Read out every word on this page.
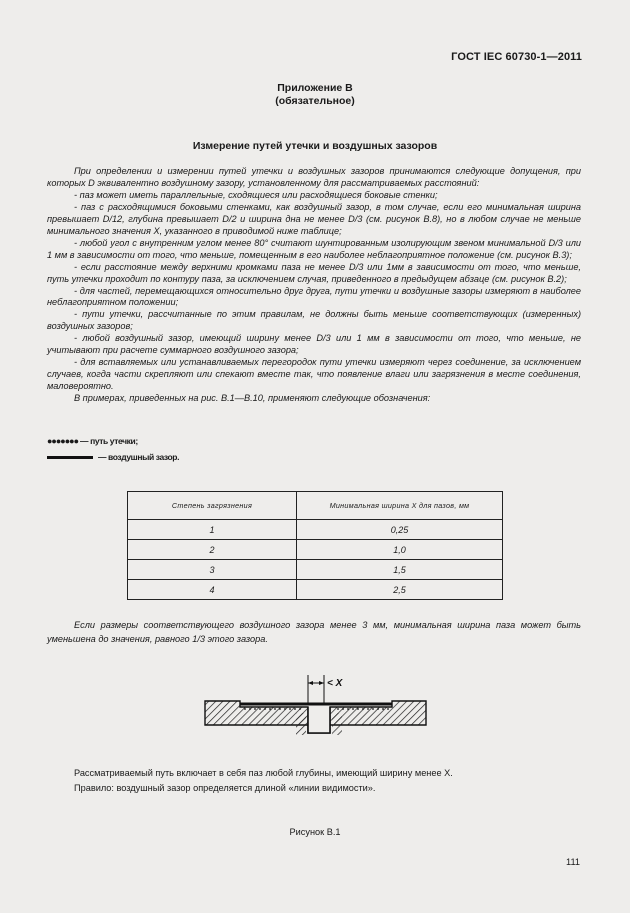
ГОСТ IEC 60730-1—2011
Приложение В
(обязательное)
Измерение путей утечки и воздушных зазоров

При определении и измерении путей утечки и воздушных зазоров принимаются следующие допущения, при которых D эквивалентно воздушному зазору, установленному для рассматриваемых расстояний:

- паз может иметь параллельные, сходящиеся или расходящиеся боковые стенки;

- паз с расходящимися боковыми стенками, как воздушный зазор, в том случае, если его минимальная ширина превышает D/12, глубина превышает D/2 и ширина дна не менее D/3 (см. рисунок В.8), но в любом случае не меньше минимального значения X, указанного в приводимой ниже таблице;

- любой угол с внутренним углом менее 80° считают шунтированным изолирующим звеном минимальной D/3 или 1 мм в зависимости от того, что меньше, помещенным в его наиболее неблагоприятное положение (см. рисунок В.3);

- если расстояние между верхними кромками паза не менее D/3 или 1мм в зависимости от того, что меньше, путь утечки проходит по контуру паза, за исключением случая, приведенного в предыдущем абзаце (см. рисунок В.2);

- для частей, перемещающихся относительно друг друга, пути утечки и воздушные зазоры измеряют в наиболее неблагоприятном положении;

- пути утечки, рассчитанные по этим правилам, не должны быть меньше соответствующих (измеренных) воздушных зазоров;

- любой воздушный зазор, имеющий ширину менее D/3 или 1 мм в зависимости от того, что меньше, не учитывают при расчете суммарного воздушного зазора;

- для вставляемых или устанавливаемых перегородок пути утечки измеряют через соединение, за исключением случаев, когда части скрепляют или спекают вместе так, что появление влаги или загрязнения в месте соединения, маловероятно.

В примерах, приведенных на рис. В.1—В.10, применяют следующие обозначения:

●●●●●●● — путь утечки;
— воздушный зазор.
Степень загрязнения	Минимальная ширина X для пазов, мм
1	0,25
2	1,0
3	1,5
4	2,5

Если размеры соответствующего воздушного зазора менее 3 мм, минимальная ширина паза может быть уменьшена до значения, равного 1/3 этого зазора.

< X

Рассматриваемый путь включает в себя паз любой глубины, имеющий ширину менее X.

Правило: воздушный зазор определяется длиной «линии видимости».

Рисунок В.1
111
